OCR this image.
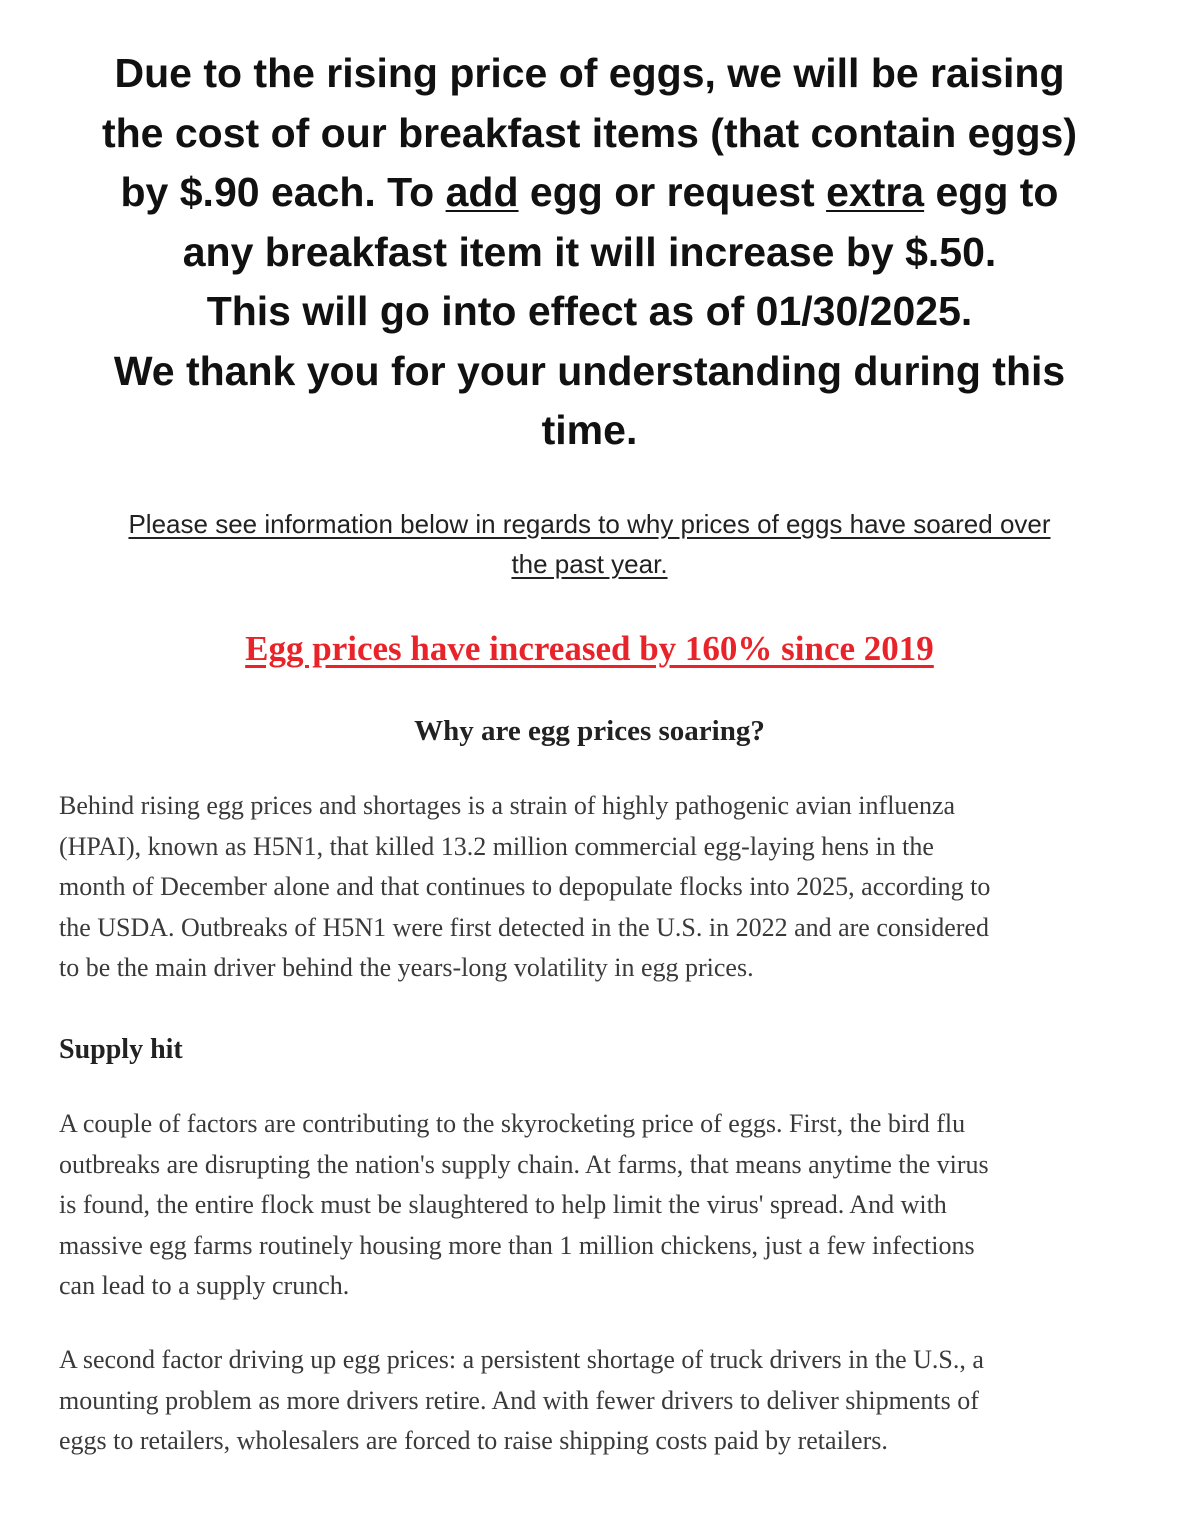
Due to the rising price of eggs, we will be raising

the cost of our breakfast items (that contain eggs)

by $.90 each. To add egg or request extra egg to

any breakfast item it will increase by $.50.

This will go into effect as of 01/30/2025.

We thank you for your understanding during this

time.

Please see information below in regards to why prices of eggs have soared over
the past year.
Egg prices have increased by 160% since 2019
Why are egg prices soaring?
Behind rising egg prices and shortages is a strain of highly pathogenic avian influenza
(HPAI), known as H5N1, that killed 13.2 million commercial egg-laying hens in the
month of December alone and that continues to depopulate flocks into 2025, according to
the USDA. Outbreaks of H5N1 were first detected in the U.S. in 2022 and are considered
to be the main driver behind the years-long volatility in egg prices.
Supply hit
A couple of factors are contributing to the skyrocketing price of eggs. First, the bird flu
outbreaks are disrupting the nation's supply chain. At farms, that means anytime the virus
is found, the entire flock must be slaughtered to help limit the virus' spread. And with
massive egg farms routinely housing more than 1 million chickens, just a few infections
can lead to a supply crunch.
A second factor driving up egg prices: a persistent shortage of truck drivers in the U.S., a
mounting problem as more drivers retire. And with fewer drivers to deliver shipments of
eggs to retailers, wholesalers are forced to raise shipping costs paid by retailers.
